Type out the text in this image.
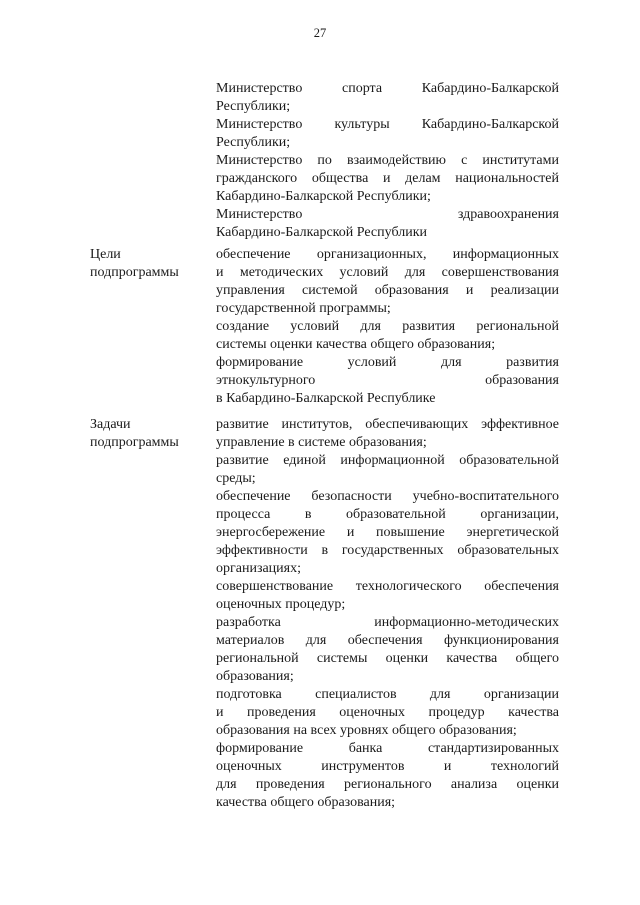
27
Министерство спорта Кабардино-Балкарской
Республики;
Министерство культуры Кабардино-Балкарской
Республики;
Министерство по взаимодействию с институтами
гражданского общества и делам национальностей
Кабардино-Балкарской Республики;
Министерство здравоохранения
Кабардино-Балкарской Республики
Цели
подпрограммы
обеспечение организационных, информационных
и методических условий для совершенствования
управления системой образования и реализации
государственной программы;
создание условий для развития региональной
системы оценки качества общего образования;
формирование условий для развития
этнокультурного образования
в Кабардино-Балкарской Республике
Задачи
подпрограммы
развитие институтов, обеспечивающих эффективное
управление в системе образования;
развитие единой информационной образовательной
среды;
обеспечение безопасности учебно-воспитательного
процесса в образовательной организации,
энергосбережение и повышение энергетической
эффективности в государственных образовательных
организациях;
совершенствование технологического обеспечения
оценочных процедур;
разработка информационно-методических
материалов для обеспечения функционирования
региональной системы оценки качества общего
образования;
подготовка специалистов для организации
и проведения оценочных процедур качества
образования на всех уровнях общего образования;
формирование банка стандартизированных
оценочных инструментов и технологий
для проведения регионального анализа оценки
качества общего образования;
